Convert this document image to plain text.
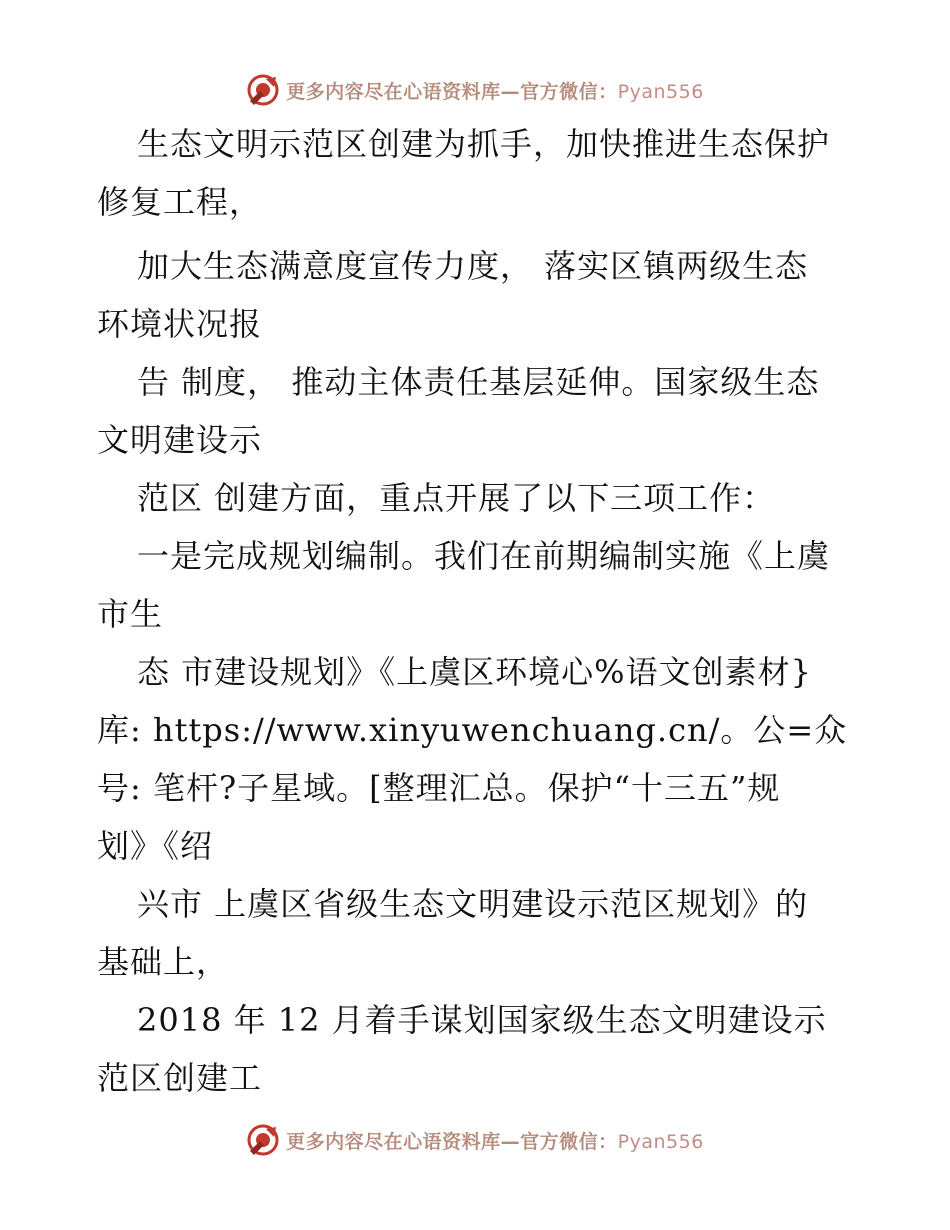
更多内容尽在心语资料库—官方微信：Pyan556
生态文明示范区创建为抓手，加快推进生态保护
修复工程，
加大生态满意度宣传力度， 落实区镇两级生态
环境状况报
告 制度， 推动主体责任基层延伸。国家级生态
文明建设示
范区 创建方面，重点开展了以下三项工作：
一是完成规划编制。我们在前期编制实施《上虞
市生
态 市建设规划》《上虞区环境心%语文创素材}
库: https://www.xinyuwenchuang.cn/。公=众
号: 笔杆?子星域。[整理汇总。保护“十三五”规
划》《绍
兴市 上虞区省级生态文明建设示范区规划》的
基础上，
2018 年 12 月着手谋划国家级生态文明建设示
范区创建工
更多内容尽在心语资料库—官方微信：Pyan556
